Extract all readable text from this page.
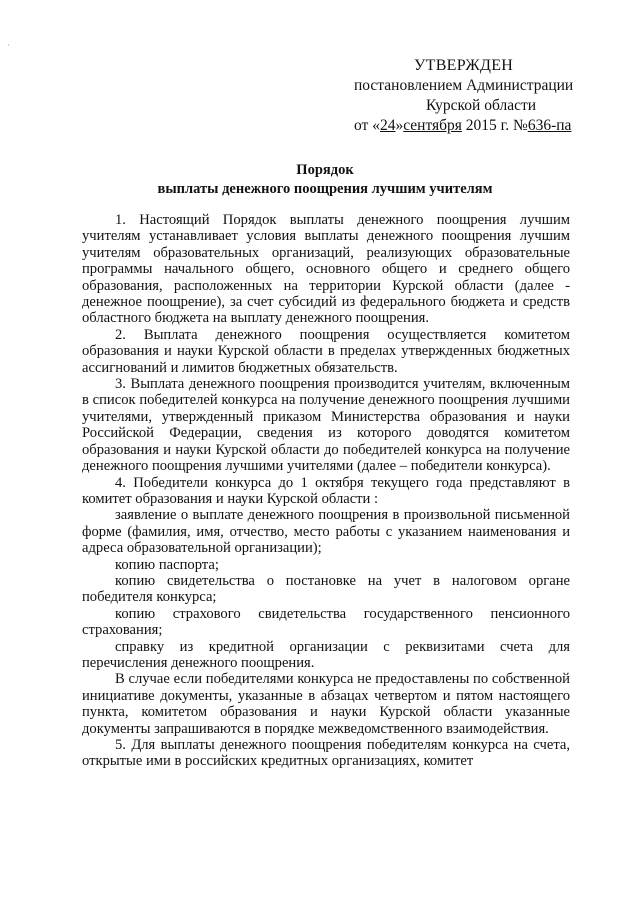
·
УТВЕРЖДЕН
постановлением Администрации
Курской области
от «24»сентября 2015 г. №636-па
Порядок
выплаты денежного поощрения лучшим учителям

1. Настоящий Порядок выплаты денежного поощрения лучшим учителям устанавливает условия выплаты денежного поощрения лучшим учителям образовательных организаций, реализующих образовательные программы начального общего, основного общего и среднего общего образования, расположенных на территории Курской области (далее - денежное поощрение), за счет субсидий из федерального бюджета и средств областного бюджета на выплату денежного поощрения.

2. Выплата денежного поощрения осуществляется комитетом образования и науки Курской области в пределах утвержденных бюджетных ассигнований и лимитов бюджетных обязательств.

3. Выплата денежного поощрения производится учителям, включенным в список победителей конкурса на получение денежного поощрения лучшими учителями, утвержденный приказом Министерства образования и науки Российской Федерации, сведения из которого доводятся комитетом образования и науки Курской области до победителей конкурса на получение денежного поощрения лучшими учителями (далее – победители конкурса).

4. Победители конкурса до 1 октября текущего года представляют в комитет образования и науки Курской области :

заявление о выплате денежного поощрения в произвольной письменной форме (фамилия, имя, отчество, место работы с указанием наименования и адреса образовательной организации);

копию паспорта;

копию свидетельства о постановке на учет в налоговом органе победителя конкурса;

копию страхового свидетельства государственного пенсионного страхования;

справку из кредитной организации с реквизитами счета для перечисления денежного поощрения.

В случае если победителями конкурса не предоставлены по собственной инициативе документы, указанные в абзацах четвертом и пятом настоящего пункта, комитетом образования и науки Курской области указанные документы запрашиваются в порядке межведомственного взаимодействия.

5. Для выплаты денежного поощрения победителям конкурса на счета, открытые ими в российских кредитных организациях, комитет
